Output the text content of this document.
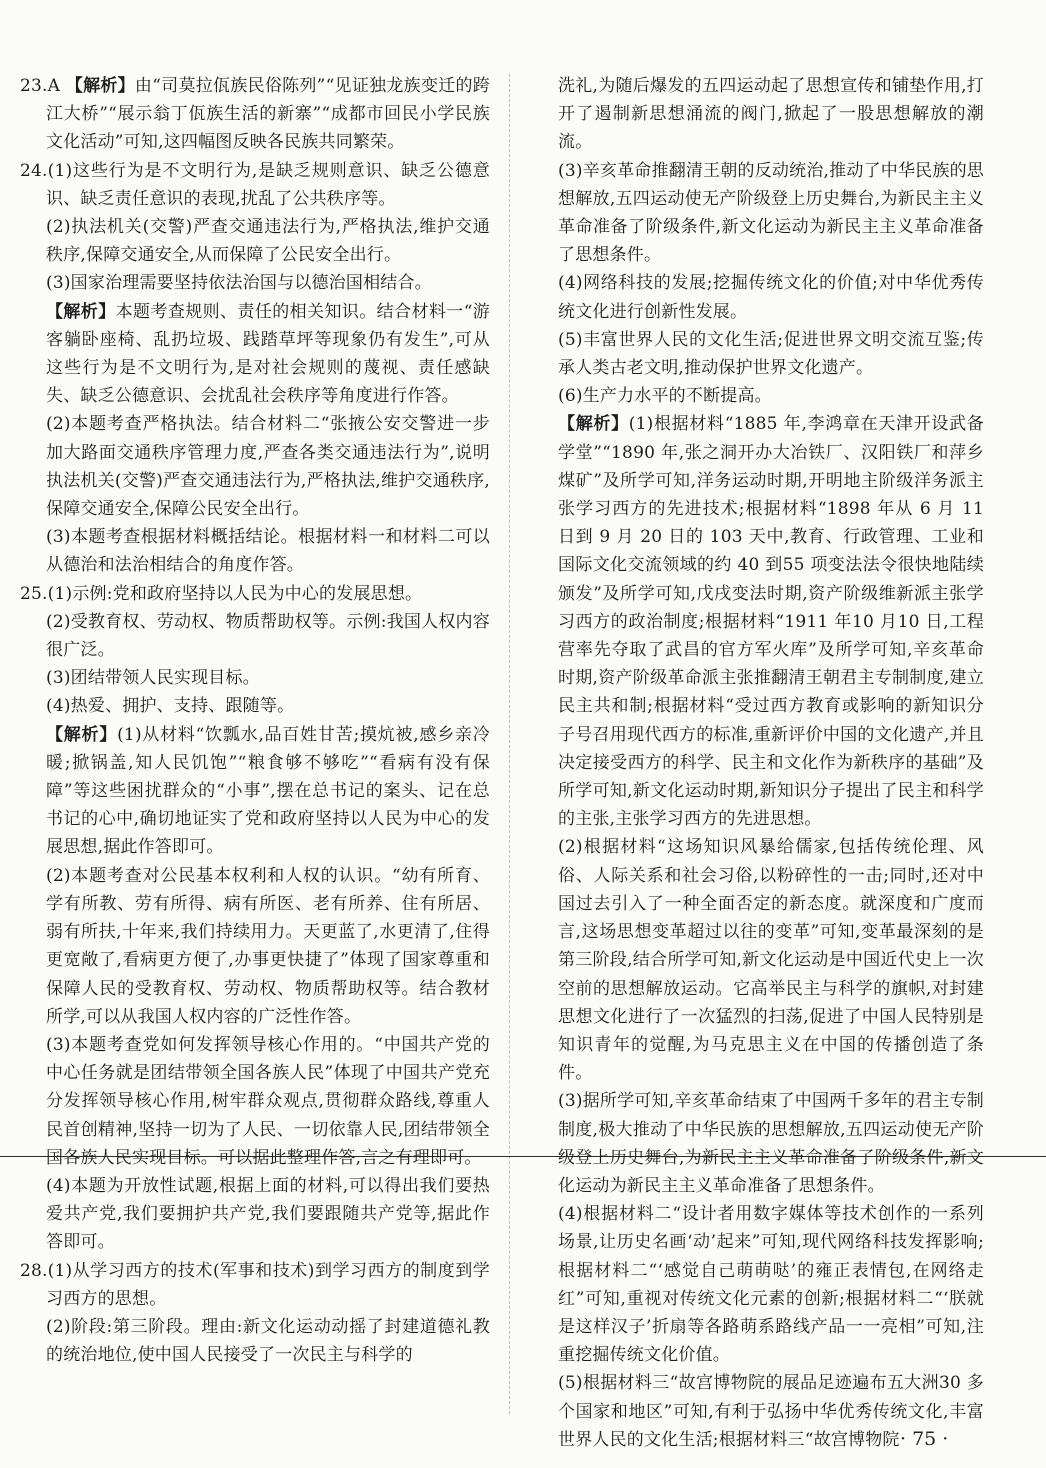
23.A 【解析】由“司莫拉佤族民俗陈列”“见证独龙族变迁的跨江大桥”“展示翁丁佤族生活的新寨”“成都市回民小学民族文化活动”可知,这四幅图反映各民族共同繁荣。

24.(1)这些行为是不文明行为,是缺乏规则意识、缺乏公德意识、缺乏责任意识的表现,扰乱了公共秩序等。

(2)执法机关(交警)严查交通违法行为,严格执法,维护交通秩序,保障交通安全,从而保障了公民安全出行。

(3)国家治理需要坚持依法治国与以德治国相结合。

【解析】本题考查规则、责任的相关知识。结合材料一“游客躺卧座椅、乱扔垃圾、践踏草坪等现象仍有发生”,可从这些行为是不文明行为,是对社会规则的蔑视、责任感缺失、缺乏公德意识、会扰乱社会秩序等角度进行作答。

(2)本题考查严格执法。结合材料二“张掖公安交警进一步加大路面交通秩序管理力度,严查各类交通违法行为”,说明执法机关(交警)严查交通违法行为,严格执法,维护交通秩序,保障交通安全,保障公民安全出行。

(3)本题考查根据材料概括结论。根据材料一和材料二可以从德治和法治相结合的角度作答。

25.(1)示例:党和政府坚持以人民为中心的发展思想。

(2)受教育权、劳动权、物质帮助权等。示例:我国人权内容很广泛。

(3)团结带领人民实现目标。

(4)热爱、拥护、支持、跟随等。

【解析】(1)从材料“饮瓢水,品百姓甘苦;摸炕被,感乡亲冷暖;掀锅盖,知人民饥饱”“粮食够不够吃”“看病有没有保障”等这些困扰群众的“小事”,摆在总书记的案头、记在总书记的心中,确切地证实了党和政府坚持以人民为中心的发展思想,据此作答即可。

(2)本题考查对公民基本权利和人权的认识。“幼有所育、学有所教、劳有所得、病有所医、老有所养、住有所居、弱有所扶,十年来,我们持续用力。天更蓝了,水更清了,住得更宽敞了,看病更方便了,办事更快捷了”体现了国家尊重和保障人民的受教育权、劳动权、物质帮助权等。结合教材所学,可以从我国人权内容的广泛性作答。

(3)本题考查党如何发挥领导核心作用的。“中国共产党的中心任务就是团结带领全国各族人民”体现了中国共产党充分发挥领导核心作用,树牢群众观点,贯彻群众路线,尊重人民首创精神,坚持一切为了人民、一切依靠人民,团结带领全国各族人民实现目标。可以据此整理作答,言之有理即可。

(4)本题为开放性试题,根据上面的材料,可以得出我们要热爱共产党,我们要拥护共产党,我们要跟随共产党等,据此作答即可。

28.(1)从学习西方的技术(军事和技术)到学习西方的制度到学习西方的思想。

(2)阶段:第三阶段。理由:新文化运动动摇了封建道德礼教的统治地位,使中国人民接受了一次民主与科学的

洗礼,为随后爆发的五四运动起了思想宣传和铺垫作用,打开了遏制新思想涌流的阀门,掀起了一股思想解放的潮流。

(3)辛亥革命推翻清王朝的反动统治,推动了中华民族的思想解放,五四运动使无产阶级登上历史舞台,为新民主主义革命准备了阶级条件,新文化运动为新民主主义革命准备了思想条件。

(4)网络科技的发展;挖掘传统文化的价值;对中华优秀传统文化进行创新性发展。

(5)丰富世界人民的文化生活;促进世界文明交流互鉴;传承人类古老文明,推动保护世界文化遗产。

(6)生产力水平的不断提高。

【解析】(1)根据材料“1885 年,李鸿章在天津开设武备学堂”“1890 年,张之洞开办大冶铁厂、汉阳铁厂和萍乡煤矿”及所学可知,洋务运动时期,开明地主阶级洋务派主张学习西方的先进技术;根据材料“1898 年从 6 月 11 日到 9 月 20 日的 103 天中,教育、行政管理、工业和国际文化交流领域的约 40 到55 项变法法令很快地陆续颁发”及所学可知,戊戌变法时期,资产阶级维新派主张学习西方的政治制度;根据材料“1911 年10 月10 日,工程营率先夺取了武昌的官方军火库”及所学可知,辛亥革命时期,资产阶级革命派主张推翻清王朝君主专制制度,建立民主共和制;根据材料“受过西方教育或影响的新知识分子号召用现代西方的标准,重新评价中国的文化遗产,并且决定接受西方的科学、民主和文化作为新秩序的基础”及所学可知,新文化运动时期,新知识分子提出了民主和科学的主张,主张学习西方的先进思想。

(2)根据材料“这场知识风暴给儒家,包括传统伦理、风俗、人际关系和社会习俗,以粉碎性的一击;同时,还对中国过去引入了一种全面否定的新态度。就深度和广度而言,这场思想变革超过以往的变革”可知,变革最深刻的是第三阶段,结合所学可知,新文化运动是中国近代史上一次空前的思想解放运动。它高举民主与科学的旗帜,对封建思想文化进行了一次猛烈的扫荡,促进了中国人民特别是知识青年的觉醒,为马克思主义在中国的传播创造了条件。

(3)据所学可知,辛亥革命结束了中国两千多年的君主专制制度,极大推动了中华民族的思想解放,五四运动使无产阶级登上历史舞台,为新民主主义革命准备了阶级条件,新文化运动为新民主主义革命准备了思想条件。

(4)根据材料二“设计者用数字媒体等技术创作的一系列场景,让历史名画‘动’起来”可知,现代网络科技发挥影响;根据材料二“‘感觉自己萌萌哒’的雍正表情包,在网络走红”可知,重视对传统文化元素的创新;根据材料二“‘朕就是这样汉子’折扇等各路萌系路线产品一一亮相”可知,注重挖掘传统文化价值。

(5)根据材料三“故宫博物院的展品足迹遍布五大洲30 多个国家和地区”可知,有利于弘扬中华优秀传统文化,丰富世界人民的文化生活;根据材料三“故宫博物院 · 75 ·
